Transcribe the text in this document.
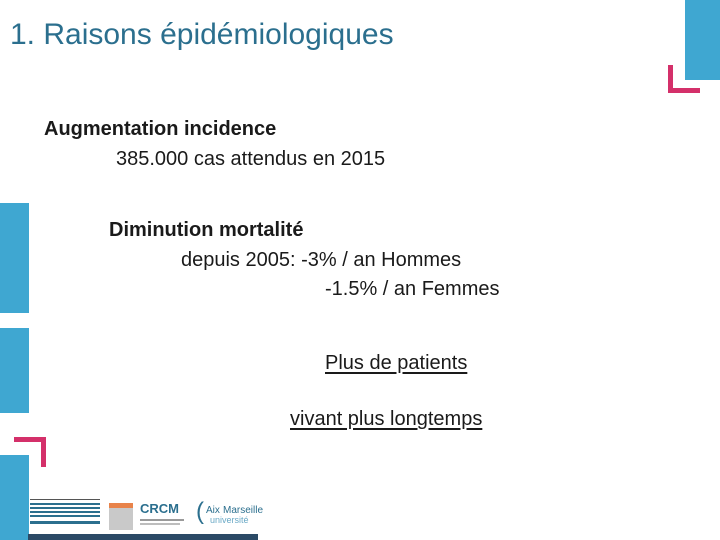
1. Raisons épidémiologiques
Augmentation incidence
385.000 cas attendus en 2015
Diminution mortalité
depuis 2005: -3% / an Hommes
-1.5% / an Femmes
Plus de patients
vivant plus longtemps
CRCM ( Aix Marseille
université
